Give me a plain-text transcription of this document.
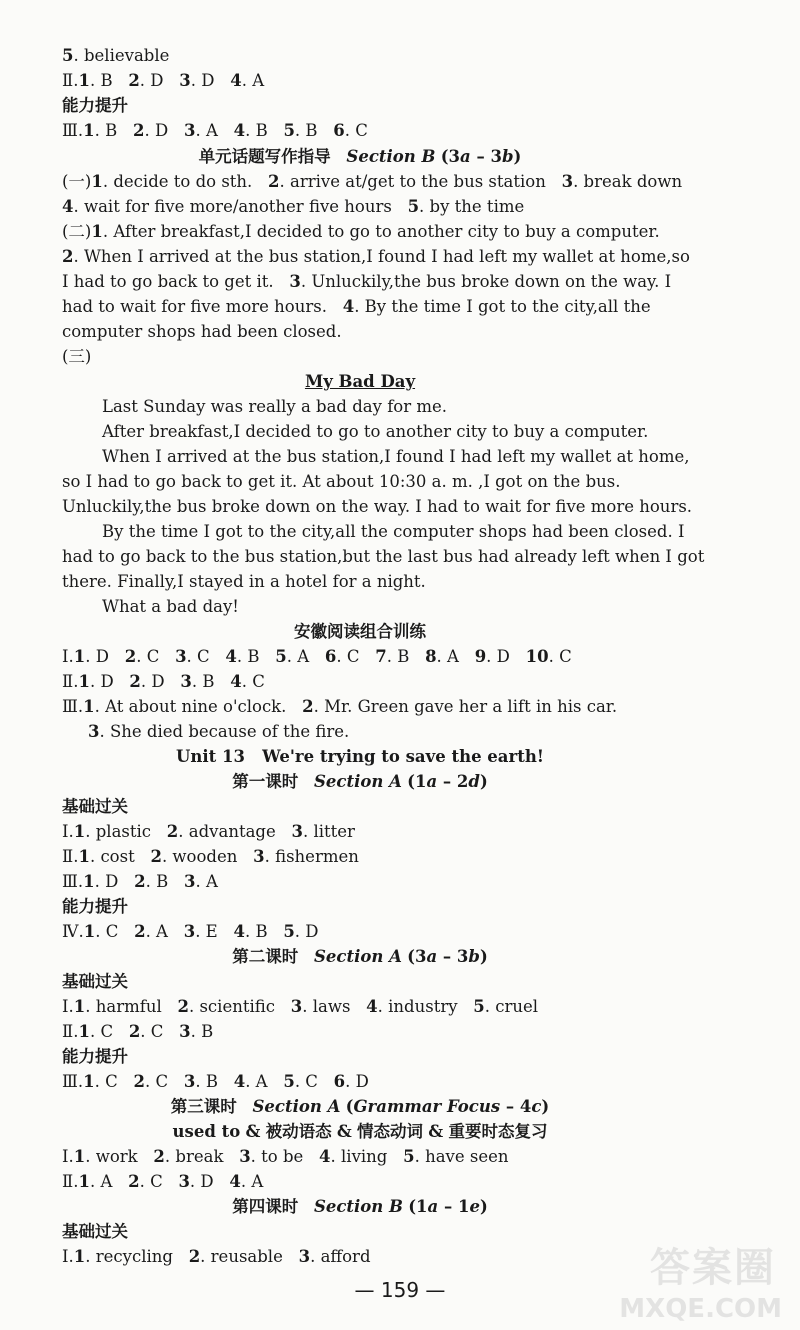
5. believable
Ⅱ.1. B   2. D   3. D   4. A
能力提升
Ⅲ.1. B   2. D   3. A   4. B   5. B   6. C
单元话题写作指导 Section B (3a – 3b)
(一)1. decide to do sth.   2. arrive at/get to the bus station   3. break down
4. wait for five more/another five hours   5. by the time
(二)1. After breakfast,I decided to go to another city to buy a computer.
2. When I arrived at the bus station,I found I had left my wallet at home,so
I had to go back to get it.   3. Unluckily,the bus broke down on the way. I
had to wait for five more hours.   4. By the time I got to the city,all the
computer shops had been closed.
(三)
My Bad Day
Last Sunday was really a bad day for me.
After breakfast,I decided to go to another city to buy a computer.
When I arrived at the bus station,I found I had left my wallet at home,
so I had to go back to get it. At about 10:30 a. m. ,I got on the bus.
Unluckily,the bus broke down on the way. I had to wait for five more hours.
By the time I got to the city,all the computer shops had been closed. I
had to go back to the bus station,but the last bus had already left when I got
there. Finally,I stayed in a hotel for a night.
What a bad day!
安徽阅读组合训练
Ⅰ.1. D   2. C   3. C   4. B   5. A   6. C   7. B   8. A   9. D   10. C
Ⅱ.1. D   2. D   3. B   4. C
Ⅲ.1. At about nine o'clock.   2. Mr. Green gave her a lift in his car.
3. She died because of the fire.
Unit 13   We're trying to save the earth!
第一课时 Section A (1a – 2d)
基础过关
Ⅰ.1. plastic   2. advantage   3. litter
Ⅱ.1. cost   2. wooden   3. fishermen
Ⅲ.1. D   2. B   3. A
能力提升
Ⅳ.1. C   2. A   3. E   4. B   5. D
第二课时 Section A (3a – 3b)
基础过关
Ⅰ.1. harmful   2. scientific   3. laws   4. industry   5. cruel
Ⅱ.1. C   2. C   3. B
能力提升
Ⅲ.1. C   2. C   3. B   4. A   5. C   6. D
第三课时 Section A (Grammar Focus – 4c)
used to & 被动语态 & 情态动词 & 重要时态复习
Ⅰ.1. work   2. break   3. to be   4. living   5. have seen
Ⅱ.1. A   2. C   3. D   4. A
第四课时 Section B (1a – 1e)
基础过关
Ⅰ.1. recycling   2. reusable   3. afford
— 159 —	答案圈
MXQE.COM
